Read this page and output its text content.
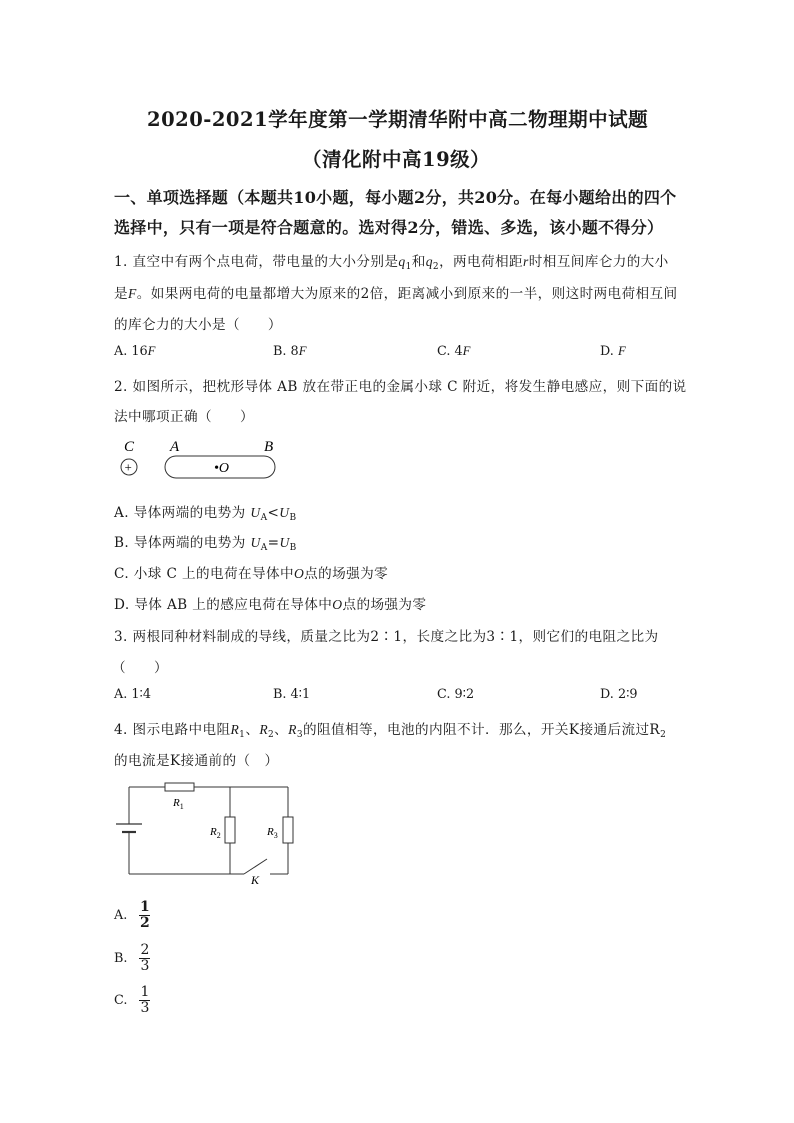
2020-2021学年度第一学期清华附中高二物理期中试题
（清化附中高19级）
一、单项选择题（本题共10小题，每小题2分，共20分。在每小题给出的四个
选择中，只有一项是符合题意的。选对得2分，错选、多选，该小题不得分）
1. 直空中有两个点电荷，带电量的大小分别是$q_1$和$q_2$，两电荷相距r时相互间库仑力的大小
是F。如果两电荷的电量都增大为原来的2倍，距离减小到原来的一半，则这时两电荷相互间
的库仑力的大小是（　　）
A. 16F	B. 8F	C. 4F	D. F
2. 如图所示，把枕形导体 AB 放在带正电的金属小球 C 附近，将发生静电感应，则下面的说
法中哪项正确（　　）
C A	B
+	•O
A. 导体两端的电势为 $U_A<U_B$
B. 导体两端的电势为 $U_A=U_B$
C. 小球 C 上的电荷在导体中O点的场强为零
D. 导体 AB 上的感应电荷在导体中O点的场强为零
3. 两根同种材料制成的导线，质量之比为2∶1，长度之比为3∶1，则它们的电阻之比为
（　　）
A. 1∶4	B. 4∶1	C. 9∶2	D. 2∶9
4. 图示电路中电阻$R_1$、$R_2$、$R_3$的阻值相等，电池的内阻不计．那么，开关K接通后流过$R_2$
的电流是K接通前的（　）
$R_1$
$R_2$	$R_3$
K
A. $\frac{1}{2}$
B. $\frac{2}{3}$
C. $\frac{1}{3}$
